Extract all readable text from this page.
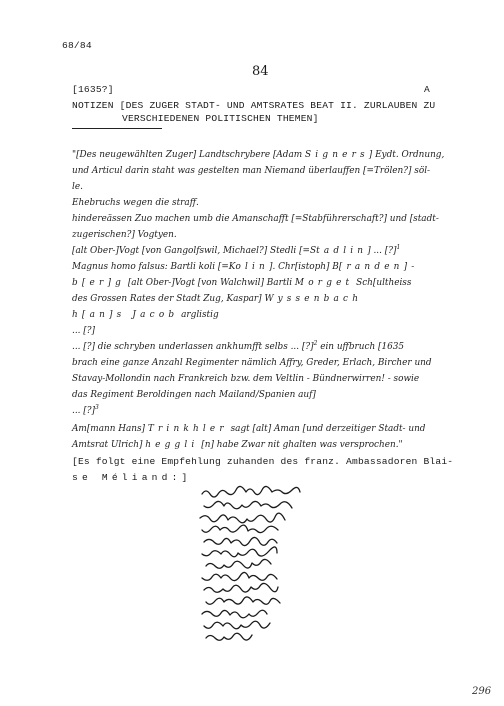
68/84
84
[1635?]	A
NOTIZEN [DES ZUGER STADT- UND AMTSRATES BEAT II. ZURLAUBEN ZU
VERSCHIEDENEN POLITISCHEN THEMEN]
"[Des neugewählten Zuger] Landtschrybere [Adam Signers] Eydt. Ordnung,
und Articul darin staht was gestelten man Niemand überlauffen [=Trölen?] söl-
le.
Ehebruchs wegen die straff.
hindereässen Zuo machen umb die Amanschafft [=Stabführerschaft?] und [stadt-
zugerischen?] Vogtyen.
[alt Ober-]Vogt [von Gangolfswil, Michael?] Stedli [=Stadlin] ... [?]$^1$
Magnus homo falsus: Bartli koli [=Kolin]. Chr[istoph] B[randen]-
b[er]g [alt Ober-]Vogt [von Walchwil] Bartli Morget Sch[ultheiss
des Grossen Rates der Stadt Zug, Kaspar] Wyssenbach
h[an]s Jacob arglistig
... [?]
... [?] die schryben underlassen ankhumfft selbs ... [?]$^2$ ein uffbruch [1635
brach eine ganze Anzahl Regimenter nämlich Affry, Greder, Erlach, Bircher und
Stavay-Mollondin nach Frankreich bzw. dem Veltlin - Bündnerwirren! - sowie
das Regiment Beroldingen nach Mailand/Spanien auf]
... [?]$^3$
Am[mann Hans] Trinkhler sagt [alt] Aman [und derzeitiger Stadt- und
Amtsrat Ulrich] heggli [n] habe Zwar nit ghalten was versprochen."
[Es folgt eine Empfehlung zuhanden des franz. Ambassadoren Blai-
se Méliand:]
296
